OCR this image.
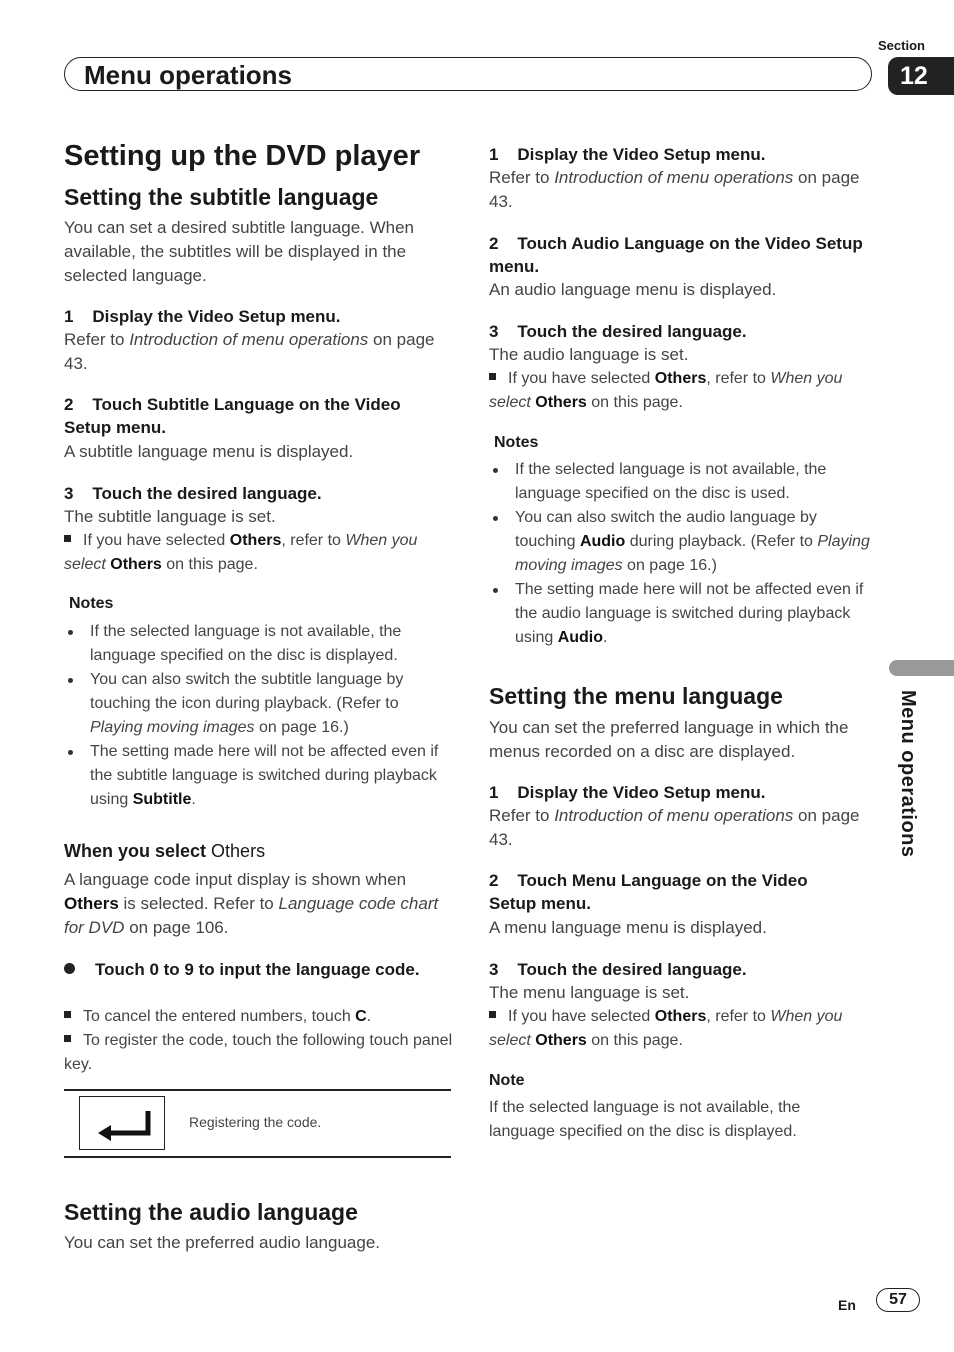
Section
Menu operations	12
Setting up the DVD player
Setting the subtitle language
You can set a desired subtitle language. When available, the subtitles will be displayed in the selected language.
1 Display the Video Setup menu.
Refer to Introduction of menu operations on page 43.
2 Touch Subtitle Language on the Video Setup menu.
A subtitle language menu is displayed.
3 Touch the desired language.
The subtitle language is set.
If you have selected Others, refer to When you select Others on this page.
Notes
If the selected language is not available, the language specified on the disc is displayed.
You can also switch the subtitle language by touching the icon during playback. (Refer to Playing moving images on page 16.)
The setting made here will not be affected even if the subtitle language is switched during playback using Subtitle.
When you select Others
A language code input display is shown when Others is selected. Refer to Language code chart for DVD on page 106.
Touch 0 to 9 to input the language code.
To cancel the entered numbers, touch C.
To register the code, touch the following touch panel key.
Registering the code.
Setting the audio language
You can set the preferred audio language.
1 Display the Video Setup menu.
Refer to Introduction of menu operations on page 43.
2 Touch Audio Language on the Video Setup menu.
An audio language menu is displayed.
3 Touch the desired language.
The audio language is set.
If you have selected Others, refer to When you select Others on this page.
Notes
If the selected language is not available, the language specified on the disc is used.
You can also switch the audio language by touching Audio during playback. (Refer to Playing moving images on page 16.)
The setting made here will not be affected even if the audio language is switched during playback using Audio.
Setting the menu language
You can set the preferred language in which the menus recorded on a disc are displayed.
1 Display the Video Setup menu.
Refer to Introduction of menu operations on page 43.
2 Touch Menu Language on the Video Setup menu.
A menu language menu is displayed.
3 Touch the desired language.
The menu language is set.
If you have selected Others, refer to When you select Others on this page.
Note
If the selected language is not available, the language specified on the disc is displayed.
Menu operations
En	57
